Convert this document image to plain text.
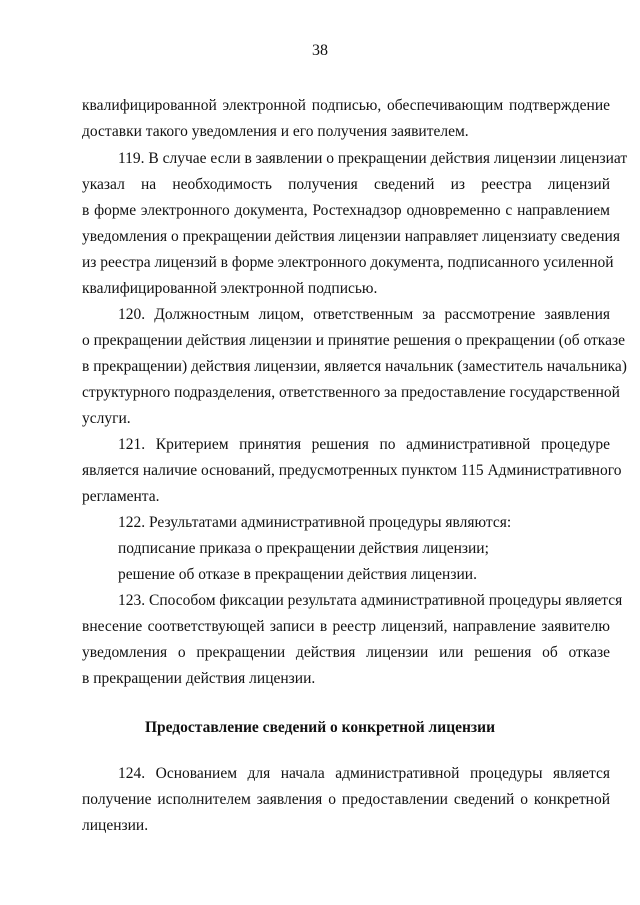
38
квалифицированной электронной подписью, обеспечивающим подтверждение
доставки такого уведомления и его получения заявителем.
119. В случае если в заявлении о прекращении действия лицензии лицензиат
указал на необходимость получения сведений из реестра лицензий
в форме электронного документа, Ростехнадзор одновременно с направлением
уведомления о прекращении действия лицензии направляет лицензиату сведения
из реестра лицензий в форме электронного документа, подписанного усиленной
квалифицированной электронной подписью.
120. Должностным лицом, ответственным за рассмотрение заявления
о прекращении действия лицензии и принятие решения о прекращении (об отказе
в прекращении) действия лицензии, является начальник (заместитель начальника)
структурного подразделения, ответственного за предоставление государственной
услуги.
121. Критерием принятия решения по административной процедуре
является наличие оснований, предусмотренных пунктом 115 Административного
регламента.
122. Результатами административной процедуры являются:
подписание приказа о прекращении действия лицензии;
решение об отказе в прекращении действия лицензии.
123. Способом фиксации результата административной процедуры является
внесение соответствующей записи в реестр лицензий, направление заявителю
уведомления о прекращении действия лицензии или решения об отказе
в прекращении действия лицензии.
Предоставление сведений о конкретной лицензии
124. Основанием для начала административной процедуры является
получение исполнителем заявления о предоставлении сведений о конкретной
лицензии.
